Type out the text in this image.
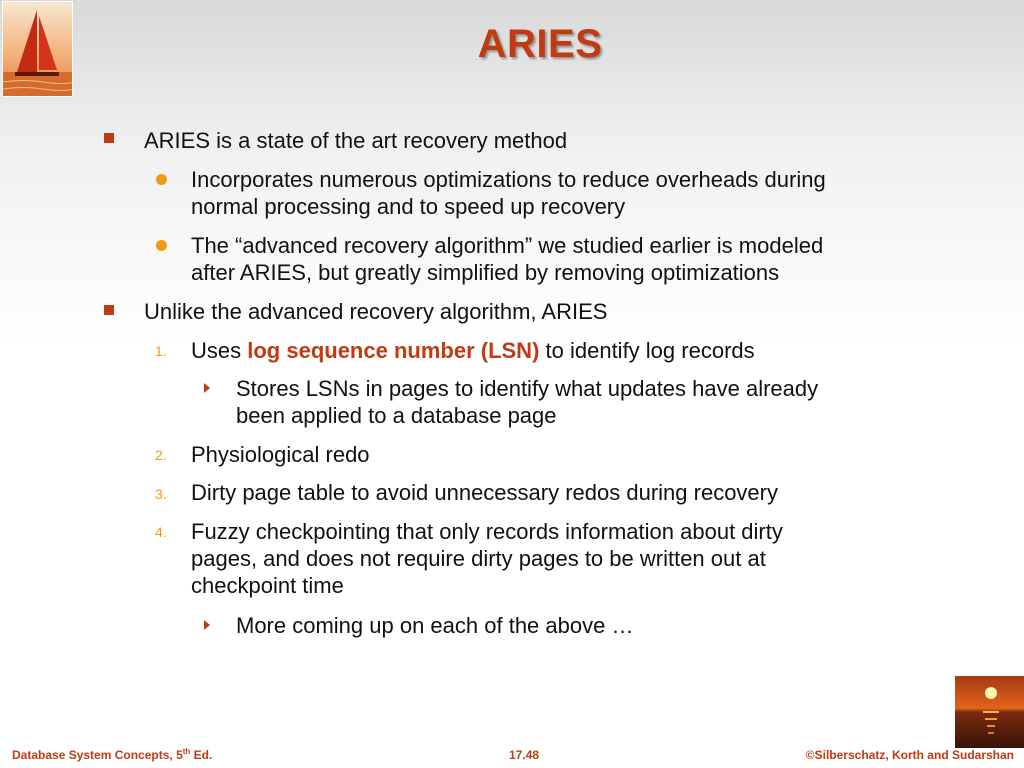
ARIES
ARIES is a state of the art recovery method
Incorporates numerous optimizations to reduce overheads during
normal processing and to speed up recovery
The “advanced recovery algorithm” we studied earlier is modeled
after ARIES, but greatly simplified by removing optimizations
Unlike the advanced recovery algorithm, ARIES
1. Uses log sequence number (LSN) to identify log records
Stores LSNs in pages to identify what updates have already
been applied to a database page
2. Physiological redo
3. Dirty page table to avoid unnecessary redos during recovery
4. Fuzzy checkpointing that only records information about dirty
pages, and does not require dirty pages to be written out at
checkpoint time
More coming up on each of the above …
Database System Concepts, 5th Ed.	17.48	©Silberschatz, Korth and Sudarshan
